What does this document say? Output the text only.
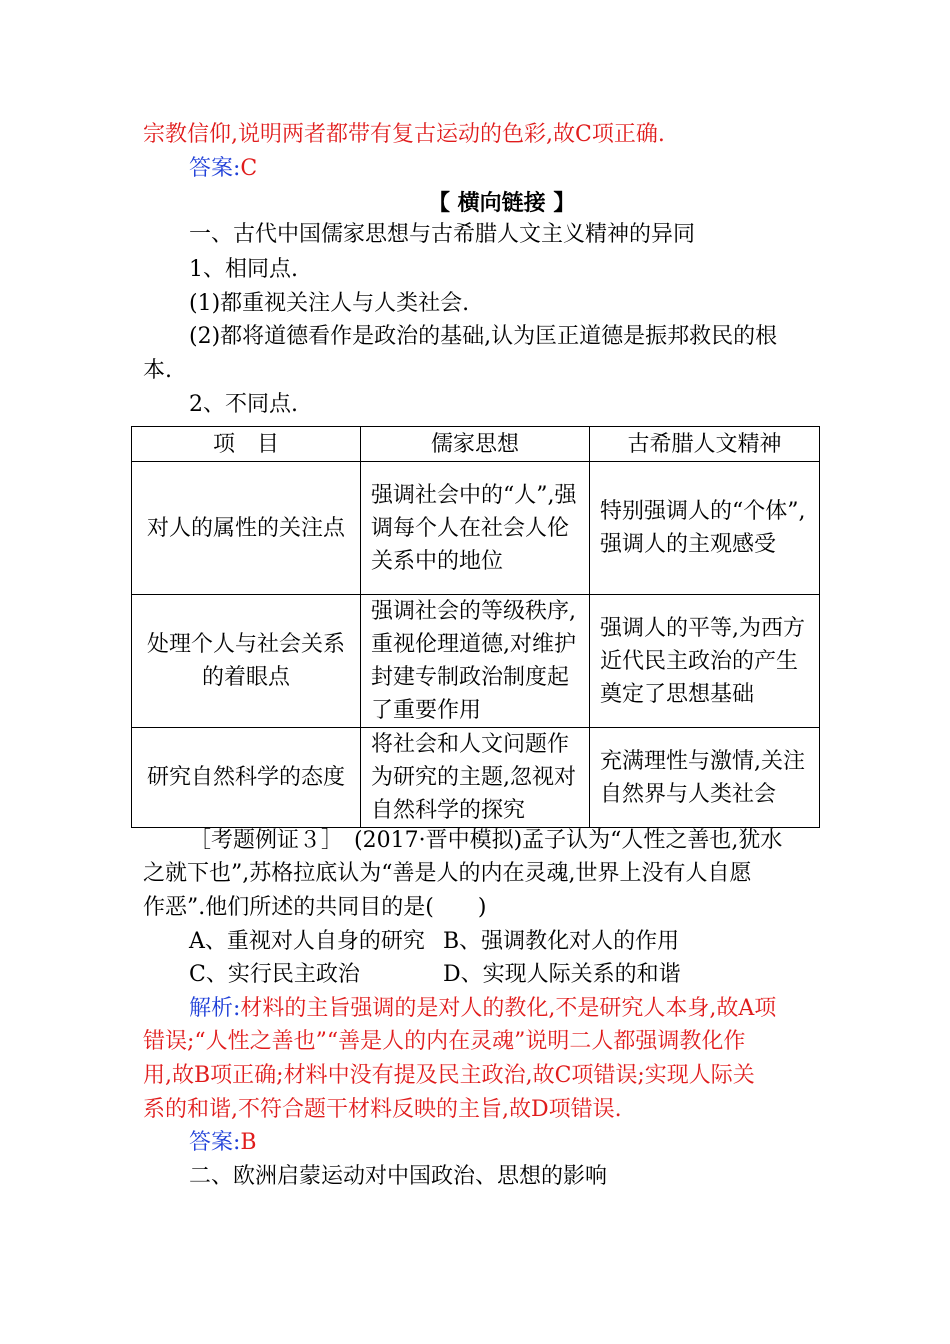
宗教信仰,说明两者都带有复古运动的色彩,故C项正确.
答案:C
【 横向链接 】
一、古代中国儒家思想与古希腊人文主义精神的异同
1、相同点.
(1)都重视关注人与人类社会.
(2)都将道德看作是政治的基础,认为匡正道德是振邦救民的根
本.
2、不同点.
项　目	儒家思想	古希腊人文精神
对人的属性的关注点	强调社会中的“人”,强调每个人在社会人伦关系中的地位	特别强调人的“个体”,强调人的主观感受
处理个人与社会关系的着眼点	强调社会的等级秩序,重视伦理道德,对维护封建专制政治制度起了重要作用	强调人的平等,为西方近代民主政治的产生奠定了思想基础
研究自然科学的态度	将社会和人文问题作为研究的主题,忽视对自然科学的探究	充满理性与激情,关注自然界与人类社会
［考题例证３］　(2017·晋中模拟)孟子认为“人性之善也,犹水
之就下也”,苏格拉底认为“善是人的内在灵魂,世界上没有人自愿
作恶”.他们所述的共同目的是(　　)
A、重视对人自身的研究 B、强调教化对人的作用
C、实行民主政治	D、实现人际关系的和谐
解析:材料的主旨强调的是对人的教化,不是研究人本身,故A项
错误;“人性之善也”“善是人的内在灵魂”说明二人都强调教化作
用,故B项正确;材料中没有提及民主政治,故C项错误;实现人际关
系的和谐,不符合题干材料反映的主旨,故D项错误.
答案:B
二、欧洲启蒙运动对中国政治、思想的影响
